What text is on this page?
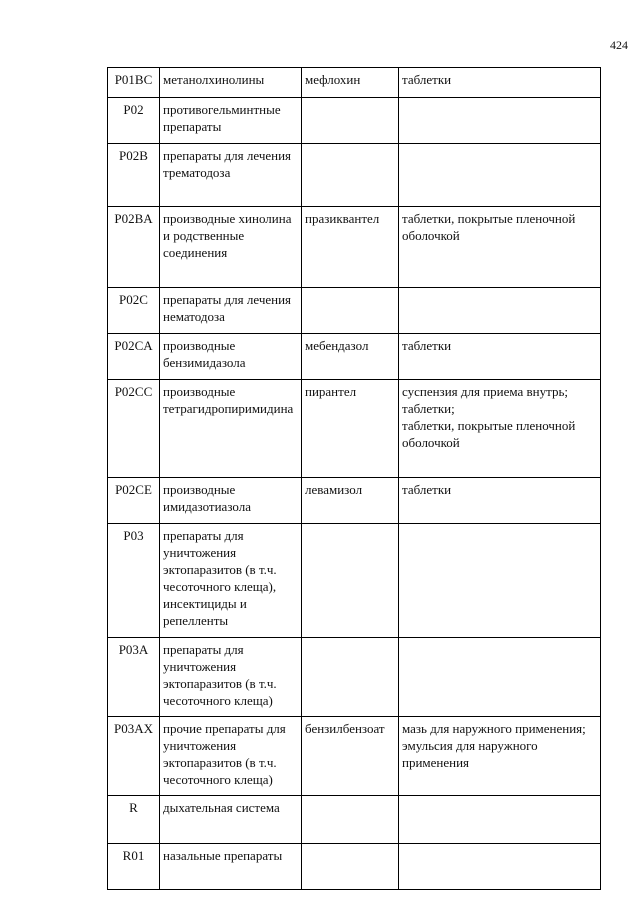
424
P01BC	метанолхинолины	мефлохин	таблетки
P02	противогельминтные препараты		
P02B	препараты для лечения трематодоза		
P02BA	производные хинолина и родственные соединения	празиквантел	таблетки, покрытые пленочной оболочкой
P02C	препараты для лечения нематодоза		
P02CA	производные бензимидазола	мебендазол	таблетки
P02CC	производные тетрагидропиримидина	пирантел	суспензия для приема внутрь;
таблетки;
таблетки, покрытые пленочной оболочкой
P02CE	производные имидазотиазола	левамизол	таблетки
P03	препараты для уничтожения эктопаразитов (в т.ч. чесоточного клеща), инсектициды и репелленты		
P03A	препараты для уничтожения эктопаразитов (в т.ч. чесоточного клеща)		
P03AX	прочие препараты для уничтожения эктопаразитов (в т.ч. чесоточного клеща)	бензилбензоат	мазь для наружного применения;
эмульсия для наружного применения
R	дыхательная система		
R01	назальные препараты		
